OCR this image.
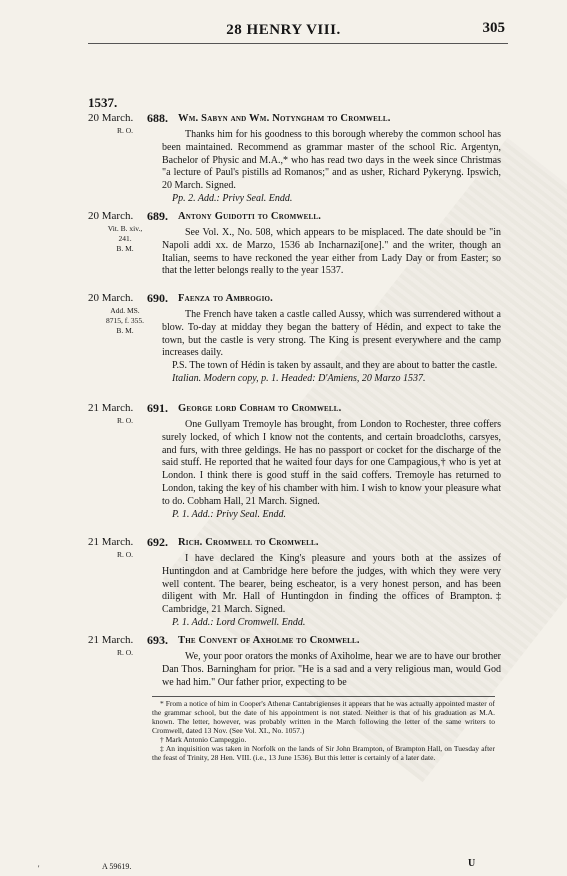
28 HENRY VIII.	305
1537.
20 March.
R. O.
688. Wm. Sabyn and Wm. Notyngham to Cromwell.

Thanks him for his goodness to this borough whereby the common school has been maintained. Recommend as grammar master of the school Ric. Argentyn, Bachelor of Physic and M.A.,* who has read two days in the week since Christmas "a lecture of Paul's pistills ad Romanos;" and as usher, Richard Pykeryng. Ipswich, 20 March. Signed.

Pp. 2. Add.: Privy Seal. Endd.

20 March.
Vit. B. xiv.,
241.
B. M.
689. Antony Guidotti to Cromwell.

See Vol. X., No. 508, which appears to be misplaced. The date should be "in Napoli addi xx. de Marzo, 1536 ab Incharnazi[one]." and the writer, though an Italian, seems to have reckoned the year either from Lady Day or from Easter; so that the letter belongs really to the year 1537.

20 March.
Add. MS.
8715, f. 355.
B. M.
690. Faenza to Ambrogio.

The French have taken a castle called Aussy, which was surrendered without a blow. To-day at midday they began the battery of Hédin, and expect to take the town, but the castle is very strong. The King is present everywhere and the camp increases daily.

P.S. The town of Hédin is taken by assault, and they are about to batter the castle.

Italian. Modern copy, p. 1. Headed: D'Amiens, 20 Marzo 1537.

21 March.
R. O.
691. George lord Cobham to Cromwell.

One Gullyam Tremoyle has brought, from London to Rochester, three coffers surely locked, of which I know not the contents, and certain broadcloths, carsyes, and furs, with three geldings. He has no passport or cocket for the discharge of the said stuff. He reported that he waited four days for one Campagious,† who is yet at London. I think there is good stuff in the said coffers. Tremoyle has returned to London, taking the key of his chamber with him. I wish to know your pleasure what to do. Cobham Hall, 21 March. Signed.

P. 1. Add.: Privy Seal. Endd.

21 March.
R. O.
692. Rich. Cromwell to Cromwell.

I have declared the King's pleasure and yours both at the assizes of Huntingdon and at Cambridge here before the judges, with which they were very well content. The bearer, being escheator, is a very honest person, and has been diligent with Mr. Hall of Huntingdon in finding the offices of Brampton.‡ Cambridge, 21 March. Signed.

P. 1. Add.: Lord Cromwell. Endd.

21 March.
R. O.
693. The Convent of Axholme to Cromwell.

We, your poor orators the monks of Axiholme, hear we are to have our brother Dan Thos. Barningham for prior. "He is a sad and a very religious man, would God we had him." Our father prior, expecting to be

* From a notice of him in Cooper's Athenæ Cantabrigienses it appears that he was actually appointed master of the grammar school, but the date of his appointment is not stated. Neither is that of his graduation as M.A. known. The letter, however, was probably written in the March following the letter of the same writers to Cromwell, dated 13 Nov. (See Vol. XI., No. 1057.)

† Mark Antonio Campeggio.

‡ An inquisition was taken in Norfolk on the lands of Sir John Brampton, of Brampton Hall, on Tuesday after the feast of Trinity, 28 Hen. VIII. (i.e., 13 June 1536). But this letter is certainly of a later date.

'	A 59619.	U
